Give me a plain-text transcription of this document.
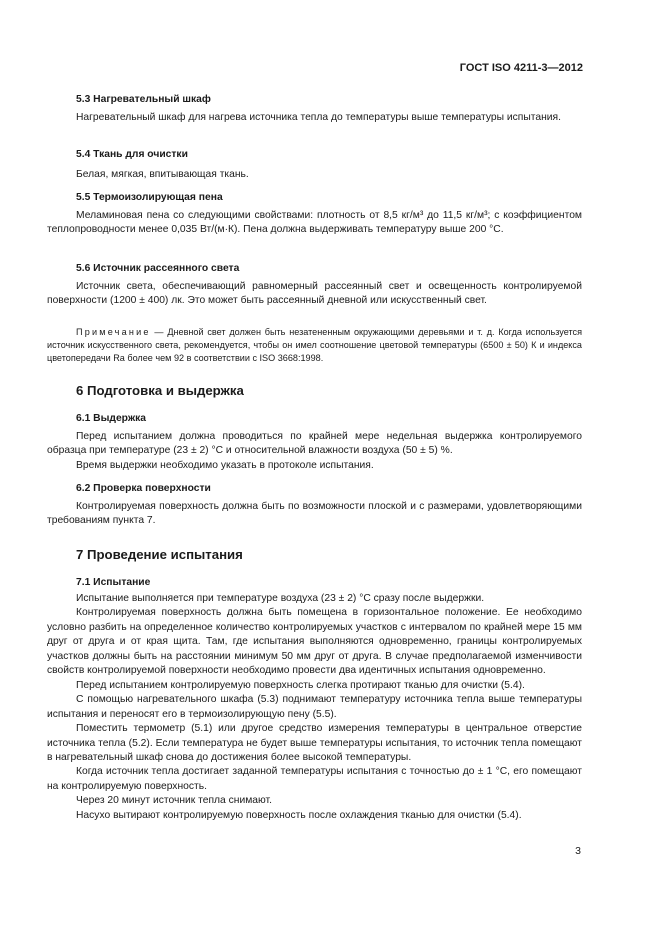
ГОСТ ISO 4211-3—2012
5.3 Нагревательный шкаф

Нагревательный шкаф для нагрева источника тепла до температуры выше температуры испытания.

5.4 Ткань для очистки

Белая, мягкая, впитывающая ткань.

5.5 Термоизолирующая пена

Меламиновая пена со следующими свойствами: плотность от 8,5 кг/м³ до 11,5 кг/м³; с коэффициентом теплопроводности менее 0,035 Вт/(м·К). Пена должна выдерживать температуру выше 200 °С.

5.6 Источник рассеянного света

Источник света, обеспечивающий равномерный рассеянный свет и освещенность контролируемой поверхности (1200 ± 400) лк. Это может быть рассеянный дневной или искусственный свет.

Примечание — Дневной свет должен быть незатененным окружающими деревьями и т. д. Когда используется источник искусственного света, рекомендуется, чтобы он имел соотношение цветовой температуры (6500 ± 50) К и индекса цветопередачи Ra более чем 92 в соответствии с ISO 3668:1998.

6 Подготовка и выдержка
6.1 Выдержка

Перед испытанием должна проводиться по крайней мере недельная выдержка контролируемого образца при температуре (23 ± 2) °С и относительной влажности воздуха (50 ± 5) %.

Время выдержки необходимо указать в протоколе испытания.

6.2 Проверка поверхности

Контролируемая поверхность должна быть по возможности плоской и с размерами, удовлетворяющими требованиям пункта 7.

7 Проведение испытания
7.1 Испытание

Испытание выполняется при температуре воздуха (23 ± 2) °С сразу после выдержки.

Контролируемая поверхность должна быть помещена в горизонтальное положение. Ее необходимо условно разбить на определенное количество контролируемых участков с интервалом по крайней мере 15 мм друг от друга и от края щита. Там, где испытания выполняются одновременно, границы контролируемых участков должны быть на расстоянии минимум 50 мм друг от друга. В случае предполагаемой изменчивости свойств контролируемой поверхности необходимо провести два идентичных испытания одновременно.

Перед испытанием контролируемую поверхность слегка протирают тканью для очистки (5.4).

С помощью нагревательного шкафа (5.3) поднимают температуру источника тепла выше температуры испытания и переносят его в термоизолирующую пену (5.5).

Поместить термометр (5.1) или другое средство измерения температуры в центральное отверстие источника тепла (5.2). Если температура не будет выше температуры испытания, то источник тепла помещают в нагревательный шкаф снова до достижения более высокой температуры.

Когда источник тепла достигает заданной температуры испытания с точностью до ± 1 °С, его помещают на контролируемую поверхность.

Через 20 минут источник тепла снимают.

Насухо вытирают контролируемую поверхность после охлаждения тканью для очистки (5.4).

3
